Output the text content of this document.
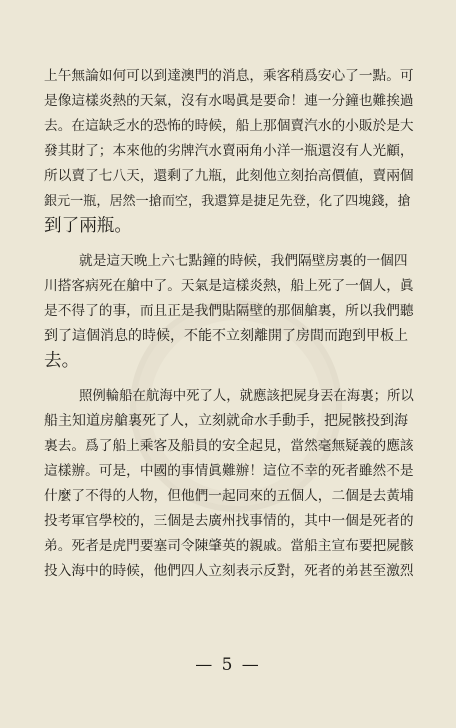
上午無論如何可以到達澳門的消息，乘客稍爲安心了一點。可
是像這樣炎熱的天氣，沒有水喝眞是要命！連一分鐘也難挨過
去。在這缺乏水的恐怖的時候，船上那個賣汽水的小販於是大
發其財了；本來他的劣牌汽水賣兩角小洋一瓶還沒有人光顧，
所以賣了七八天，還剩了九瓶，此刻他立刻抬高價値，賣兩個
銀元一瓶，居然一搶而空，我還算是捷足先登，化了四塊錢，搶
到了兩瓶。
就是這天晚上六七點鐘的時候，我們隔壁房裏的一個四
川搭客病死在艙中了。天氣是這樣炎熱，船上死了一個人，眞
是不得了的事，而且正是我們貼隔壁的那個艙裏，所以我們聽
到了這個消息的時候，不能不立刻離開了房間而跑到甲板上
去。
照例輪船在航海中死了人，就應該把屍身丟在海裏；所以
船主知道房艙裏死了人，立刻就命水手動手，把屍骸投到海
裏去。爲了船上乘客及船員的安全起見，當然毫無疑義的應該
這樣辦。可是，中國的事情眞難辦！這位不幸的死者雖然不是
什麼了不得的人物，但他們一起同來的五個人，二個是去黃埔
投考軍官學校的，三個是去廣州找事情的，其中一個是死者的
弟。死者是虎門要塞司令陳肇英的親戚。當船主宣布要把屍骸
投入海中的時候，他們四人立刻表示反對，死者的弟甚至激烈
— 5 —
